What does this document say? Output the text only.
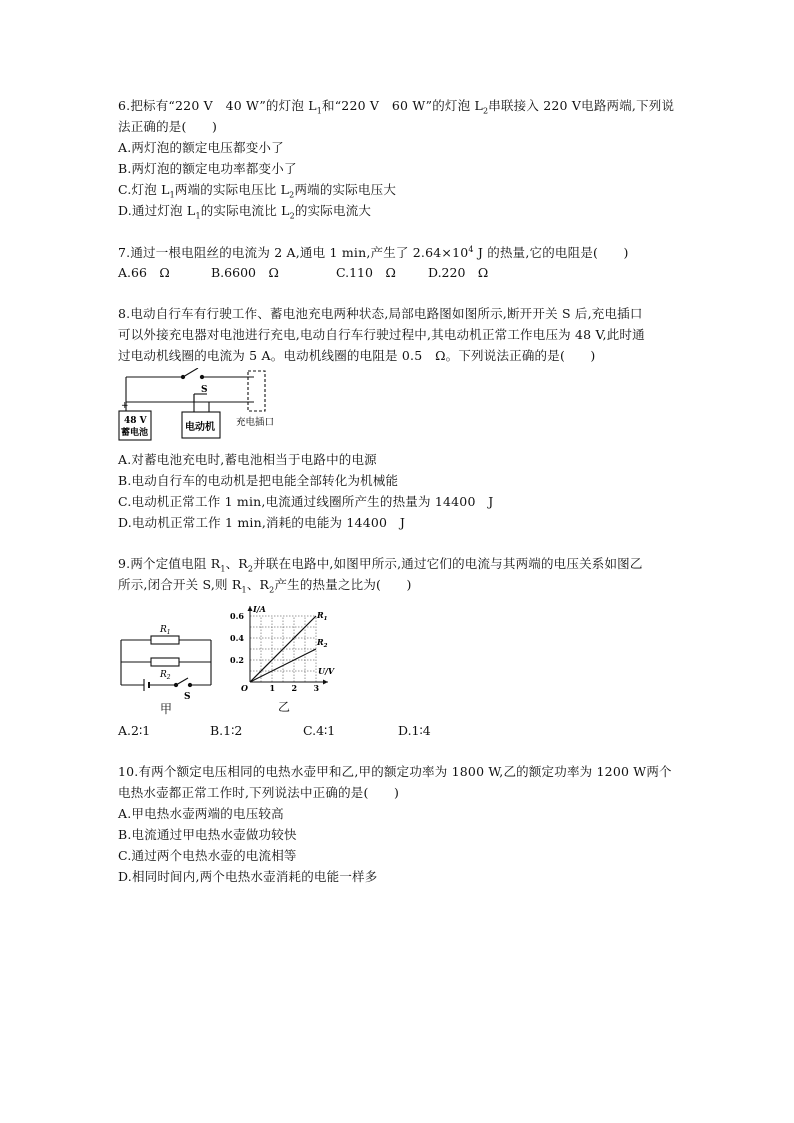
6.把标有“220 V　40 W”的灯泡 $L_1$和“220 V　60 W”的灯泡 $L_2$串联接入 220 V电路两端,下列说
法正确的是(　　)
A.两灯泡的额定电压都变小了
B.两灯泡的额定电功率都变小了
C.灯泡 $L_1$两端的实际电压比 $L_2$两端的实际电压大
D.通过灯泡 $L_1$的实际电流比 $L_2$的实际电流大
7.通过一根电阻丝的电流为 2 A,通电 1 min,产生了 $2.64\times 10^4$ J 的热量,它的电阻是(　　)
A.66　Ω	B.6600　Ω	C.110　Ω	D.220　Ω
8.电动自行车有行驶工作、蓄电池充电两种状态,局部电路图如图所示,断开开关 S 后,充电插口
可以外接充电器对电池进行充电,电动自行车行驶过程中,其电动机正常工作电压为 48 V,此时通
过电动机线圈的电流为 5 A。电动机线圈的电阻是 0.5　Ω。下列说法正确的是(　　)
+
48 V
蓄电池	电动机
S
充电插口
A.对蓄电池充电时,蓄电池相当于电路中的电源
B.电动自行车的电动机是把电能全部转化为机械能
C.电动机正常工作 1 min,电流通过线圈所产生的热量为 14400　J
D.电动机正常工作 1 min,消耗的电能为 14400　J
9.两个定值电阻 $R_1$、$R_2$并联在电路中,如图甲所示,通过它们的电流与其两端的电压关系如图乙
所示,闭合开关 S,则 $R_1$、$R_2$产生的热量之比为(　　)
$R_1$
$R_2$
S
甲
I/A
U/V
O
0.6
0.4
0.2
1 2 3
$R_1$
$R_2$
乙
A.2∶1	B.1∶2	C.4∶1	D.1∶4
10.有两个额定电压相同的电热水壶甲和乙,甲的额定功率为 1800 W,乙的额定功率为 1200 W两个
电热水壶都正常工作时,下列说法中正确的是(　　)
A.甲电热水壶两端的电压较高
B.电流通过甲电热水壶做功较快
C.通过两个电热水壶的电流相等
D.相同时间内,两个电热水壶消耗的电能一样多
